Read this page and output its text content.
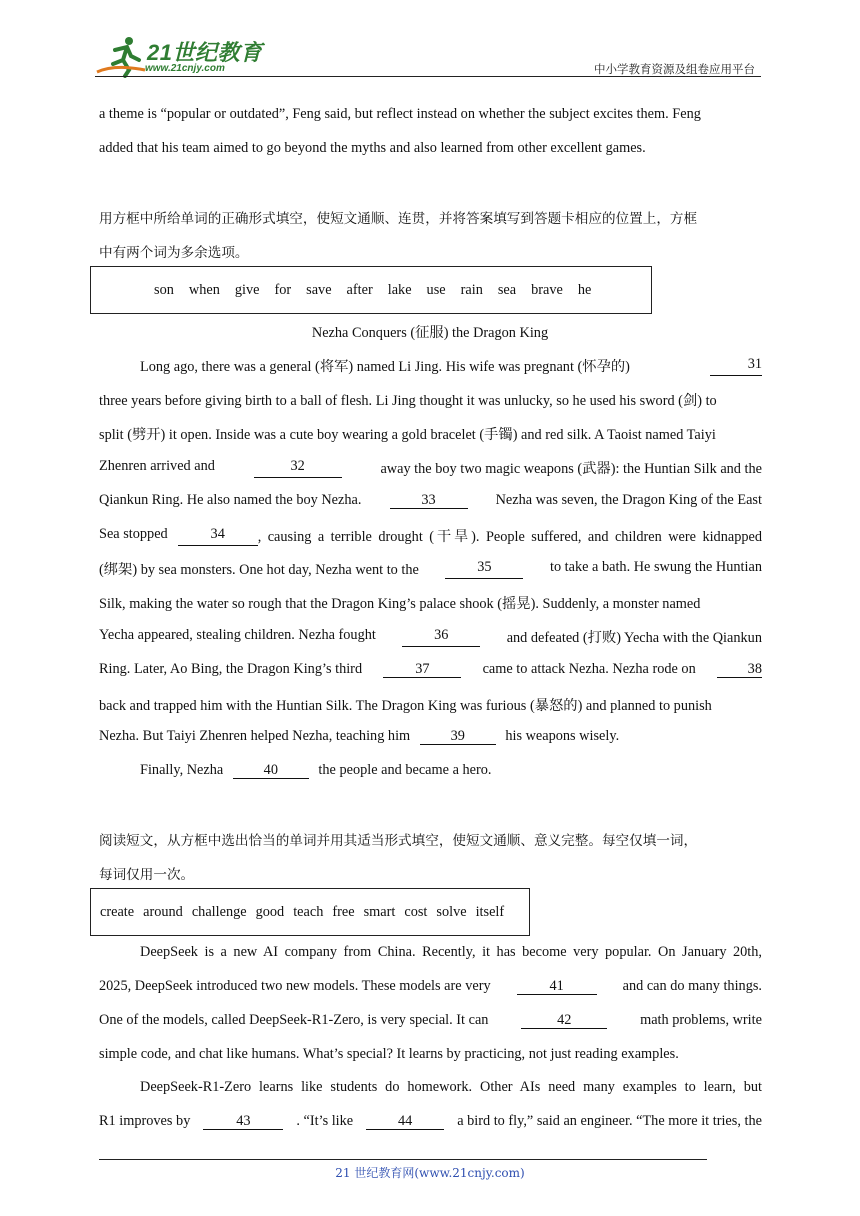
21世纪教育
www.21cnjy.com	中小学教育资源及组卷应用平台
a theme is “popular or outdated”, Feng said, but reflect instead on whether the subject excites them. Feng
added that his team aimed to go beyond the myths and also learned from other excellent games.
用方框中所给单词的正确形式填空，使短文通顺、连贯，并将答案填写到答题卡相应的位置上，方框
中有两个词为多余选项。
son when give for save after lake use rain sea brave he
Nezha Conquers (征服) the Dragon King
Long ago, there was a general (将军) named Li Jing. His wife was pregnant (怀孕的)	31
three years before giving birth to a ball of flesh. Li Jing thought it was unlucky, so he used his sword (剑) to
split (劈开) it open. Inside was a cute boy wearing a gold bracelet (手镯) and red silk. A Taoist named Taiyi
Zhenren arrived and	32	away the boy two magic weapons (武器): the Huntian Silk and the
Qiankun Ring. He also named the boy Nezha.	33	Nezha was seven, the Dragon King of the East
Sea stopped	34	, causing a terrible drought (干旱). People suffered, and children were kidnapped
(绑架) by sea monsters. One hot day, Nezha went to the	35	to take a bath. He swung the Huntian
Silk, making the water so rough that the Dragon King’s palace shook (摇晃). Suddenly, a monster named
Yecha appeared, stealing children. Nezha fought	36	and defeated (打败) Yecha with the Qiankun
Ring. Later, Ao Bing, the Dragon King’s third	37	came to attack Nezha. Nezha rode on	38
back and trapped him with the Huntian Silk. The Dragon King was furious (暴怒的) and planned to punish
Nezha. But Taiyi Zhenren helped Nezha, teaching him	39	his weapons wisely.
Finally, Nezha	40	the people and became a hero.
阅读短文，从方框中选出恰当的单词并用其适当形式填空，使短文通顺、意义完整。每空仅填一词，
每词仅用一次。
create around challenge good teach free smart cost solve itself
DeepSeek is a new AI company from China. Recently, it has become very popular. On January 20th,
2025, DeepSeek introduced two new models. These models are very	41	and can do many things.
One of the models, called DeepSeek-R1-Zero, is very special. It can	42	math problems, write
simple code, and chat like humans. What’s special? It learns by practicing, not just reading examples.
DeepSeek-R1-Zero learns like students do homework. Other AIs need many examples to learn, but
R1 improves by	43	. “It’s like	44	a bird to fly,” said an engineer. “The more it tries, the
21 世纪教育网(www.21cnjy.com)
